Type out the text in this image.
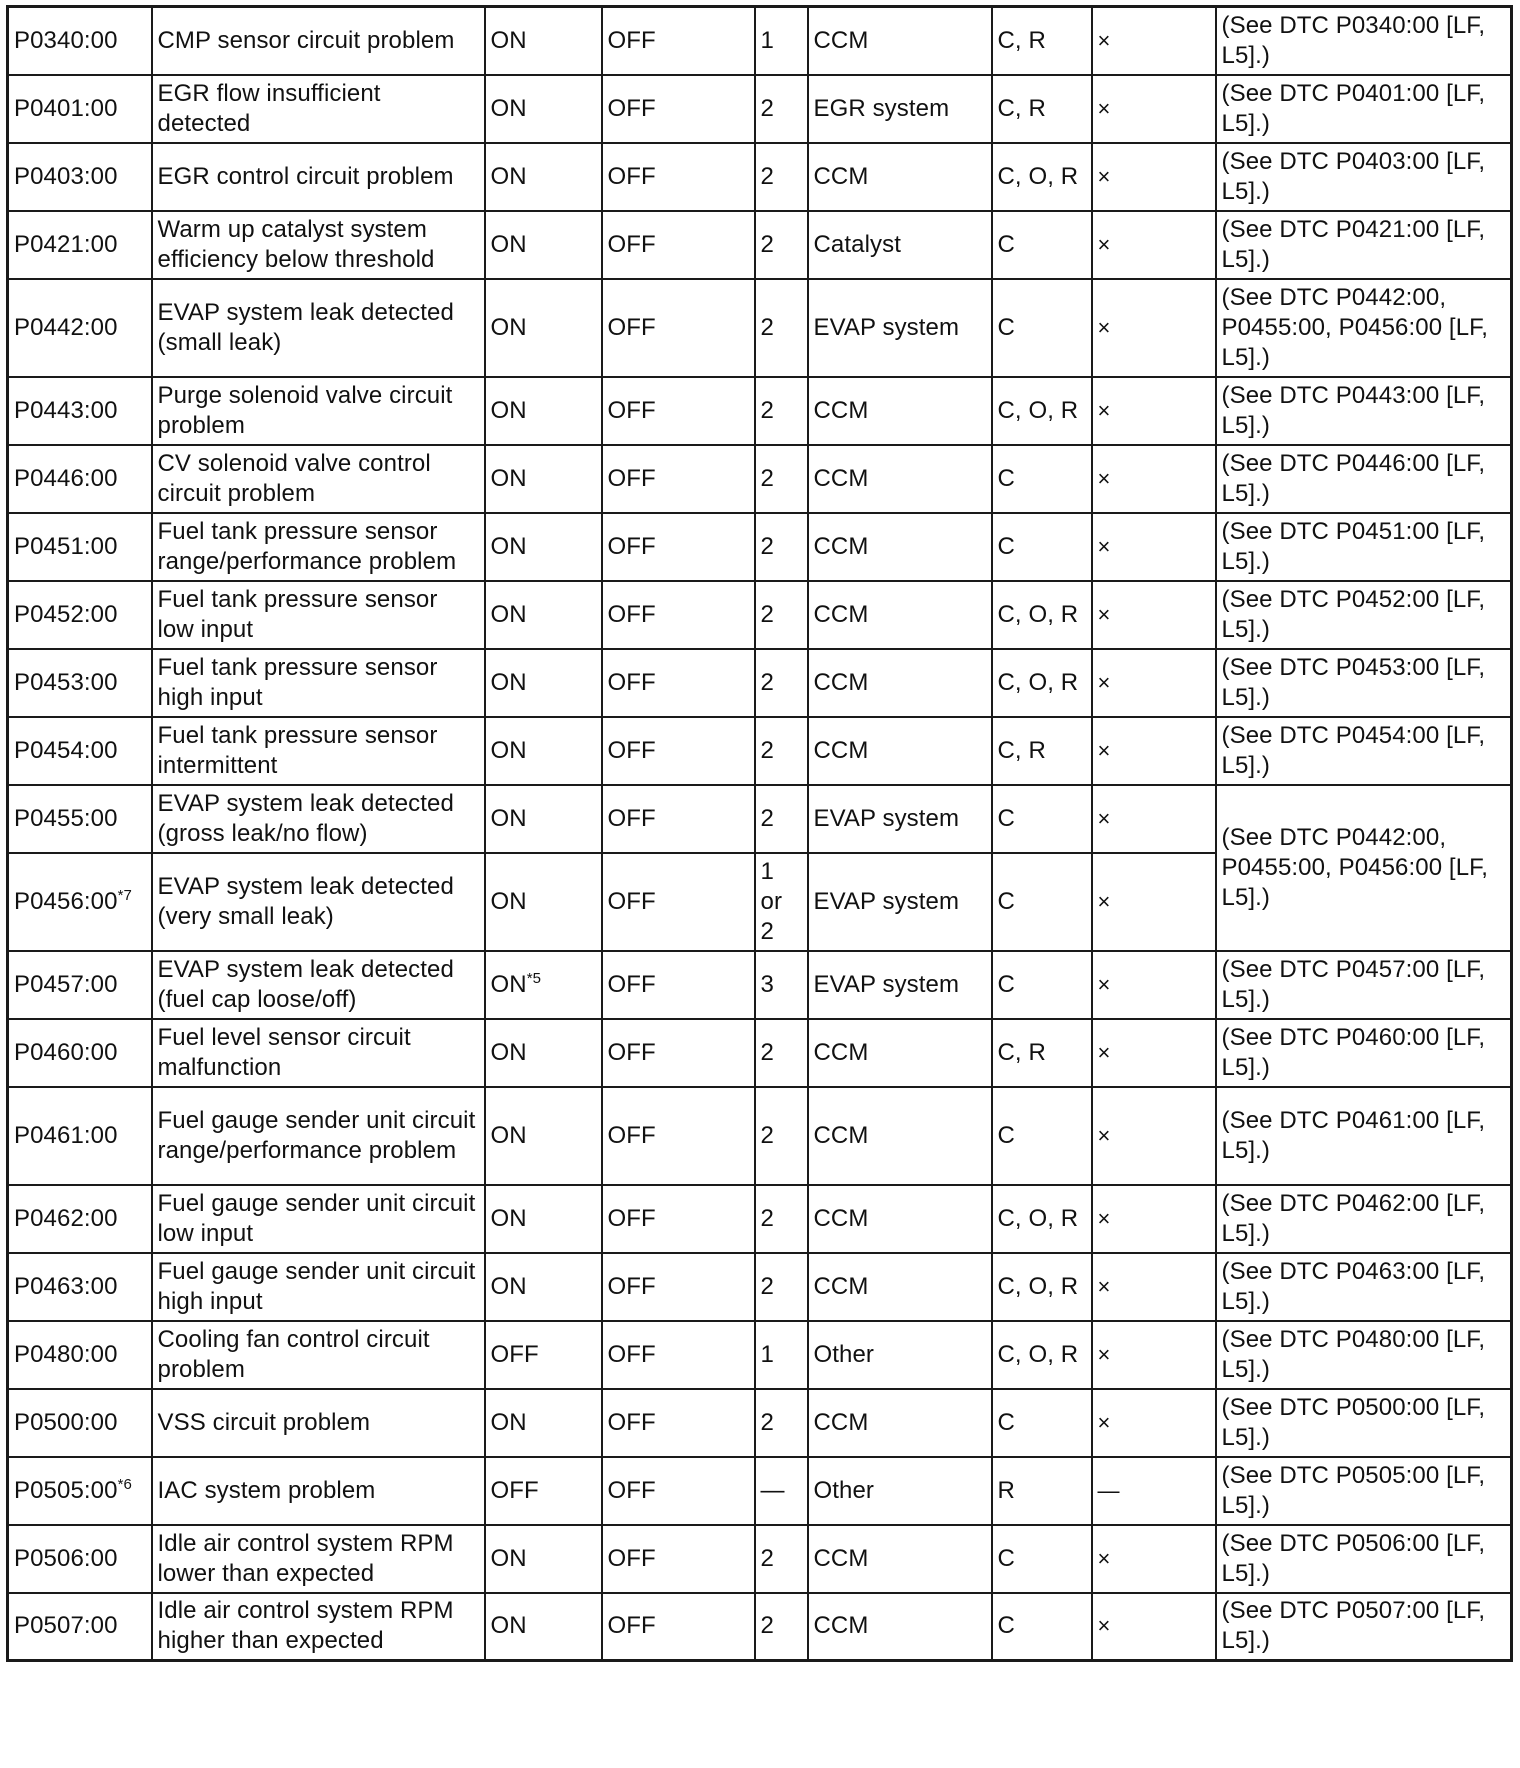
P0340:00	CMP sensor circuit problem	ON	OFF	1	CCM	C, R	×	(See DTC P0340:00 [LF, L5].)
P0401:00	EGR flow insufficient detected	ON	OFF	2	EGR system	C, R	×	(See DTC P0401:00 [LF, L5].)
P0403:00	EGR control circuit problem	ON	OFF	2	CCM	C, O, R	×	(See DTC P0403:00 [LF, L5].)
P0421:00	Warm up catalyst system efficiency below threshold	ON	OFF	2	Catalyst	C	×	(See DTC P0421:00 [LF, L5].)
P0442:00	EVAP system leak detected (small leak)	ON	OFF	2	EVAP system	C	×	(See DTC P0442:00, P0455:00, P0456:00 [LF, L5].)
P0443:00	Purge solenoid valve circuit problem	ON	OFF	2	CCM	C, O, R	×	(See DTC P0443:00 [LF, L5].)
P0446:00	CV solenoid valve control circuit problem	ON	OFF	2	CCM	C	×	(See DTC P0446:00 [LF, L5].)
P0451:00	Fuel tank pressure sensor range/performance problem	ON	OFF	2	CCM	C	×	(See DTC P0451:00 [LF, L5].)
P0452:00	Fuel tank pressure sensor low input	ON	OFF	2	CCM	C, O, R	×	(See DTC P0452:00 [LF, L5].)
P0453:00	Fuel tank pressure sensor high input	ON	OFF	2	CCM	C, O, R	×	(See DTC P0453:00 [LF, L5].)
P0454:00	Fuel tank pressure sensor intermittent	ON	OFF	2	CCM	C, R	×	(See DTC P0454:00 [LF, L5].)
P0455:00	EVAP system leak detected (gross leak/no flow)	ON	OFF	2	EVAP system	C	×	(See DTC P0442:00, P0455:00, P0456:00 [LF, L5].)
P0456:00$^{*7}$	EVAP system leak detected (very small leak)	ON	OFF	1 or 2	EVAP system	C	×	
P0457:00	EVAP system leak detected (fuel cap loose/off)	ON$^{*5}$	OFF	3	EVAP system	C	×	(See DTC P0457:00 [LF, L5].)
P0460:00	Fuel level sensor circuit malfunction	ON	OFF	2	CCM	C, R	×	(See DTC P0460:00 [LF, L5].)
P0461:00	Fuel gauge sender unit circuit range/performance problem	ON	OFF	2	CCM	C	×	(See DTC P0461:00 [LF, L5].)
P0462:00	Fuel gauge sender unit circuit low input	ON	OFF	2	CCM	C, O, R	×	(See DTC P0462:00 [LF, L5].)
P0463:00	Fuel gauge sender unit circuit high input	ON	OFF	2	CCM	C, O, R	×	(See DTC P0463:00 [LF, L5].)
P0480:00	Cooling fan control circuit problem	OFF	OFF	1	Other	C, O, R	×	(See DTC P0480:00 [LF, L5].)
P0500:00	VSS circuit problem	ON	OFF	2	CCM	C	×	(See DTC P0500:00 [LF, L5].)
P0505:00$^{*6}$	IAC system problem	OFF	OFF	—	Other	R	—	(See DTC P0505:00 [LF, L5].)
P0506:00	Idle air control system RPM lower than expected	ON	OFF	2	CCM	C	×	(See DTC P0506:00 [LF, L5].)
P0507:00	Idle air control system RPM higher than expected	ON	OFF	2	CCM	C	×	(See DTC P0507:00 [LF, L5].)
